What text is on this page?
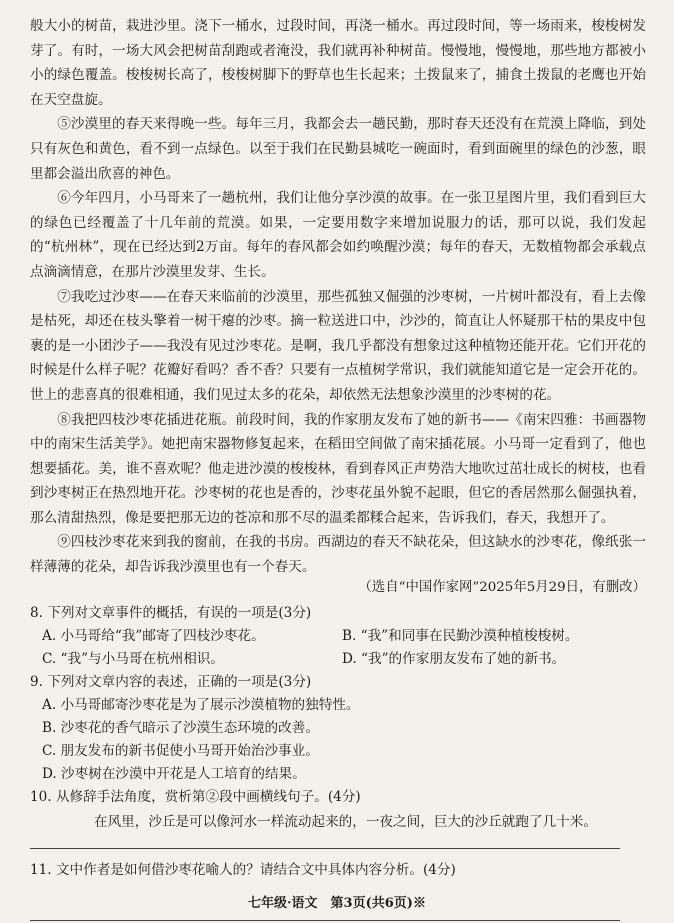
般大小的树苗，栽进沙里。浇下一桶水，过段时间，再浇一桶水。再过段时间，等一场雨来，梭梭树发芽了。有时，一场大风会把树苗刮跑或者淹没，我们就再补种树苗。慢慢地，慢慢地，那些地方都被小小的绿色覆盖。梭梭树长高了，梭梭树脚下的野草也生长起来；土拨鼠来了，捕食土拨鼠的老鹰也开始在天空盘旋。

⑤沙漠里的春天来得晚一些。每年三月，我都会去一趟民勤，那时春天还没有在荒漠上降临，到处只有灰色和黄色，看不到一点绿色。以至于我们在民勤县城吃一碗面时，看到面碗里的绿色的沙葱，眼里都会溢出欣喜的神色。

⑥今年四月，小马哥来了一趟杭州，我们让他分享沙漠的故事。在一张卫星图片里，我们看到巨大的绿色已经覆盖了十几年前的荒漠。如果，一定要用数字来增加说服力的话，那可以说，我们发起的“杭州林”，现在已经达到2万亩。每年的春风都会如约唤醒沙漠；每年的春天，无数植物都会承载点点滴滴情意，在那片沙漠里发芽、生长。

⑦我吃过沙枣——在春天来临前的沙漠里，那些孤独又倔强的沙枣树，一片树叶都没有，看上去像是枯死，却还在枝头擎着一树干瘪的沙枣。摘一粒送进口中，沙沙的，简直让人怀疑那干枯的果皮中包裹的是一小团沙子——我没有见过沙枣花。是啊，我几乎都没有想象过这种植物还能开花。它们开花的时候是什么样子呢？花瓣好看吗？香不香？只要有一点植树学常识，我们就能知道它是一定会开花的。世上的悲喜真的很难相通，我们见过太多的花朵，却依然无法想象沙漠里的沙枣树的花。

⑧我把四枝沙枣花插进花瓶。前段时间，我的作家朋友发布了她的新书——《南宋四雅：书画器物中的南宋生活美学》。她把南宋器物修复起来，在稻田空间做了南宋插花展。小马哥一定看到了，他也想要插花。美，谁不喜欢呢？他走进沙漠的梭梭林，看到春风正声势浩大地吹过茁壮成长的树枝，也看到沙枣树正在热烈地开花。沙枣树的花也是香的，沙枣花虽外貌不起眼，但它的香居然那么倔强执着，那么清甜热烈，像是要把那无边的苍凉和那不尽的温柔都糅合起来，告诉我们，春天，我想开了。

⑨四枝沙枣花来到我的窗前，在我的书房。西湖边的春天不缺花朵，但这缺水的沙枣花，像纸张一样薄薄的花朵，却告诉我沙漠里也有一个春天。

（选自“中国作家网”2025年5月29日，有删改）

8. 下列对文章事件的概括，有误的一项是(3分)

A. 小马哥给“我”邮寄了四枝沙枣花。	B. “我”和同事在民勤沙漠种植梭梭树。
C. “我”与小马哥在杭州相识。	D. “我”的作家朋友发布了她的新书。

9. 下列对文章内容的表述，正确的一项是(3分)

A. 小马哥邮寄沙枣花是为了展示沙漠植物的独特性。
B. 沙枣花的香气暗示了沙漠生态环境的改善。
C. 朋友发布的新书促使小马哥开始治沙事业。
D. 沙枣树在沙漠中开花是人工培育的结果。

10. 从修辞手法角度，赏析第②段中画横线句子。(4分)

在风里，沙丘是可以像河水一样流动起来的，一夜之间，巨大的沙丘就跑了几十米。

11. 文中作者是如何借沙枣花喻人的？请结合文中具体内容分析。(4分)

七年级·语文　第3页(共6页)※
